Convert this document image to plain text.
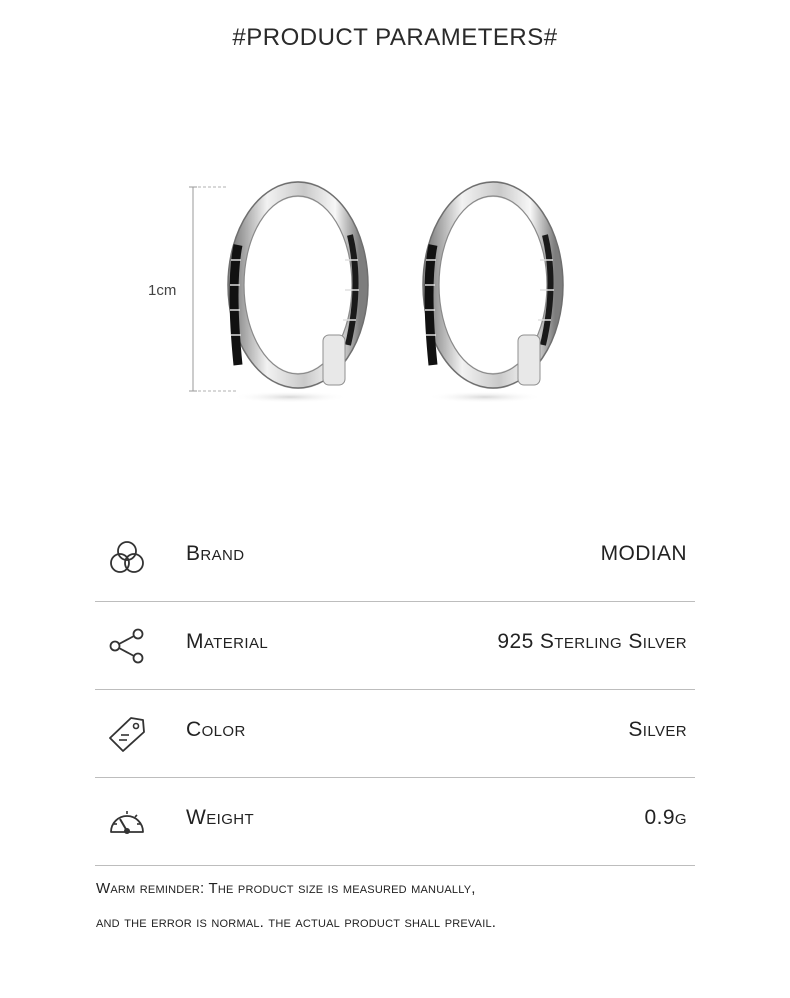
#PRODUCT PARAMETERS#
1cm
Brand	MODIAN
Material	925 Sterling Silver
Color	Silver
Weight	0.9g
Warm reminder: The product size is measured manually,
and the error is normal. the actual product shall prevail.
